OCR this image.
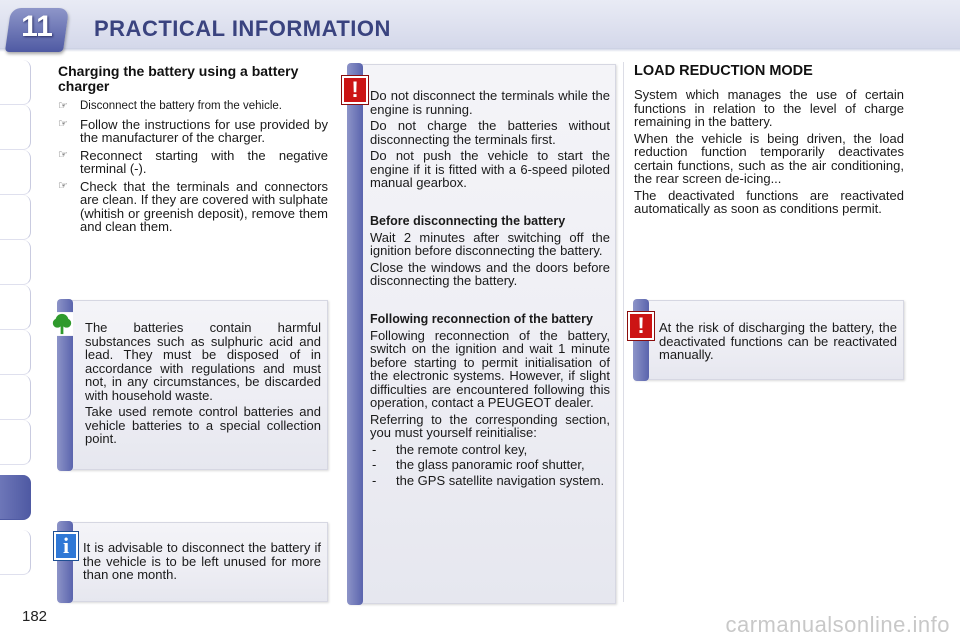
11	PRACTICAL INFORMATION
Charging the battery using a battery charger
☞ Disconnect the battery from the vehicle.
☞ Follow the instructions for use provided by the manufacturer of the charger.
☞ Reconnect starting with the negative terminal (-).
☞ Check that the terminals and connectors are clean. If they are covered with sulphate (whitish or greenish deposit), remove them and clean them.

The batteries contain harmful substances such as sulphuric acid and lead. They must be disposed of in accordance with regulations and must not, in any circumstances, be discarded with household waste.

Take used remote control batteries and vehicle batteries to a special collection point.

It is advisable to disconnect the battery if the vehicle is to be left unused for more than one month.

i

Do not disconnect the terminals while the engine is running.

Do not charge the batteries without disconnecting the terminals first.

Do not push the vehicle to start the engine if it is fitted with a 6-speed piloted manual gearbox.

Before disconnecting the battery

Wait 2 minutes after switching off the ignition before disconnecting the battery.

Close the windows and the doors before disconnecting the battery.

Following reconnection of the battery

Following reconnection of the battery, switch on the ignition and wait 1 minute before starting to permit initialisation of the electronic systems. However, if slight difficulties are encountered following this operation, contact a PEUGEOT dealer.

Referring to the corresponding section, you must yourself reinitialise:

- the remote control key,
- the glass panoramic roof shutter,
- the GPS satellite navigation system.
!
LOAD REDUCTION MODE

System which manages the use of certain functions in relation to the level of charge remaining in the battery.

When the vehicle is being driven, the load reduction function temporarily deactivates certain functions, such as the air conditioning, the rear screen de-icing...

The deactivated functions are reactivated automatically as soon as conditions permit.

At the risk of discharging the battery, the deactivated functions can be reactivated manually.

!
182	carmanualsonline.info
